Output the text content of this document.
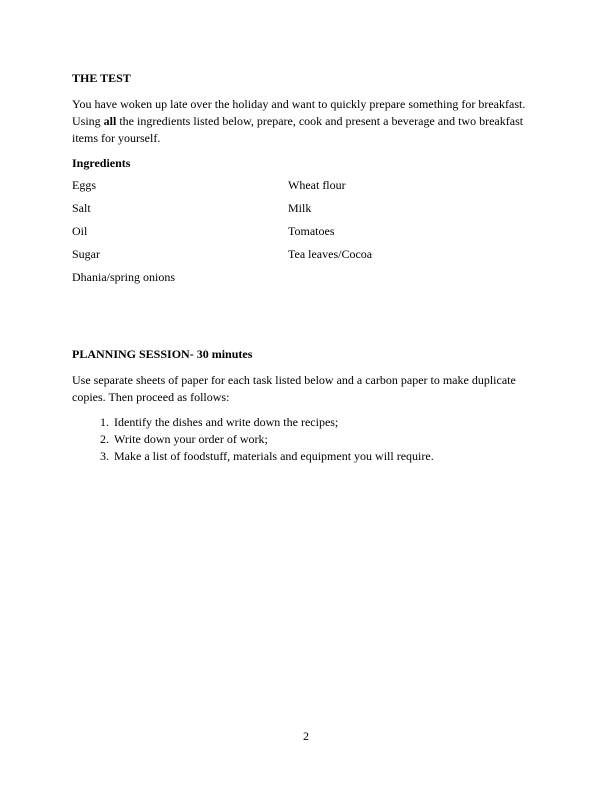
THE TEST

You have woken up late over the holiday and want to quickly prepare something for breakfast. Using all the ingredients listed below, prepare, cook and present a beverage and two breakfast items for yourself.

Ingredients
Eggs	Wheat flour
Salt	Milk
Oil	Tomatoes
Sugar	Tea leaves/Cocoa
Dhania/spring onions
PLANNING SESSION- 30 minutes

Use separate sheets of paper for each task listed below and a carbon paper to make duplicate copies. Then proceed as follows:

1. Identify the dishes and write down the recipes;
2. Write down your order of work;
3. Make a list of foodstuff, materials and equipment you will require.
2
